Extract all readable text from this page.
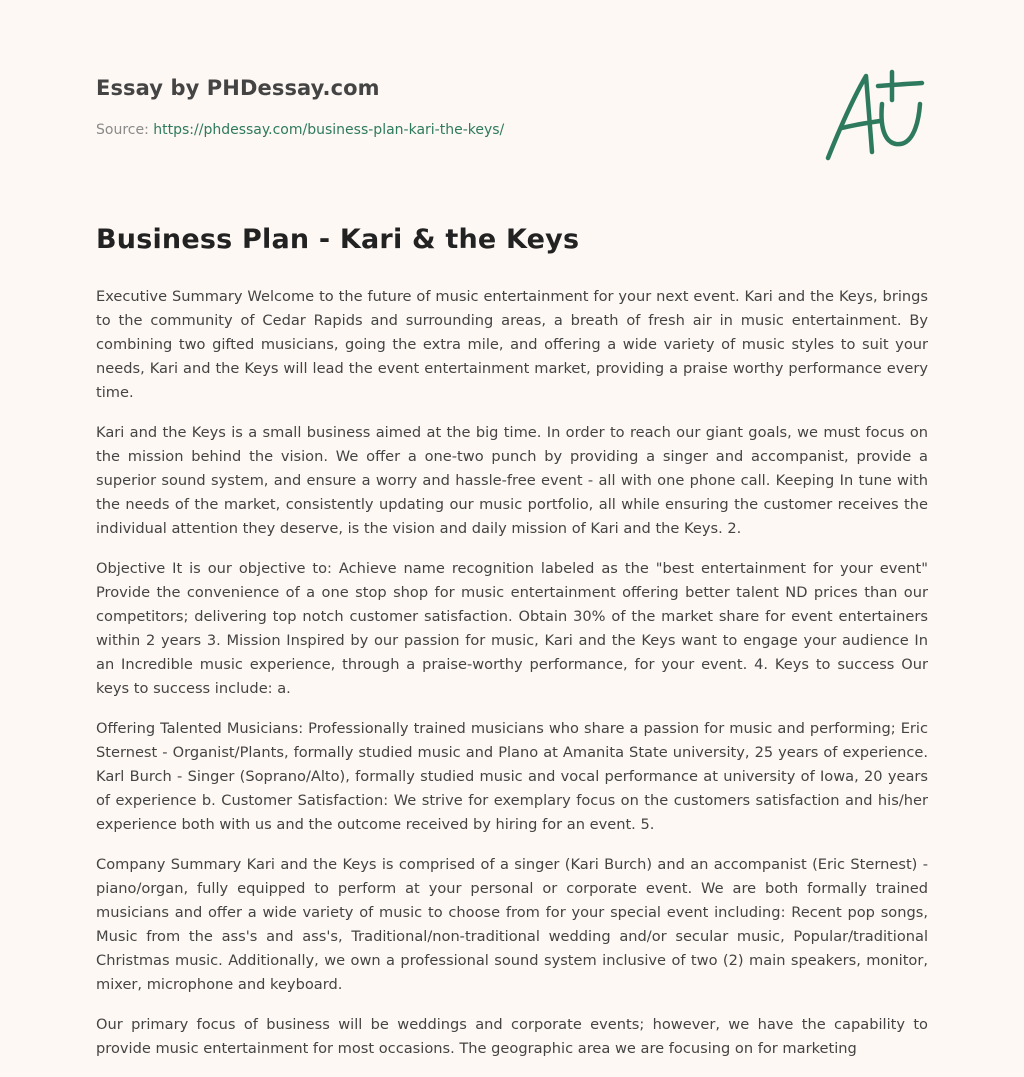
Essay by PHDessay.com
Source: https://phdessay.com/business-plan-kari-the-keys/
Business Plan - Kari & the Keys

Executive Summary Welcome to the future of music entertainment for your next event. Kari and the Keys, brings to the community of Cedar Rapids and surrounding areas, a breath of fresh air in music entertainment. By combining two gifted musicians, going the extra mile, and offering a wide variety of music styles to suit your needs, Kari and the Keys will lead the event entertainment market, providing a praise worthy performance every time.

Kari and the Keys is a small business aimed at the big time. In order to reach our giant goals, we must focus on the mission behind the vision. We offer a one-two punch by providing a singer and accompanist, provide a superior sound system, and ensure a worry and hassle-free event - all with one phone call. Keeping In tune with the needs of the market, consistently updating our music portfolio, all while ensuring the customer receives the individual attention they deserve, is the vision and daily mission of Kari and the Keys. 2.

Objective It is our objective to: Achieve name recognition labeled as the "best entertainment for your event" Provide the convenience of a one stop shop for music entertainment offering better talent ND prices than our competitors; delivering top notch customer satisfaction. Obtain 30% of the market share for event entertainers within 2 years 3. Mission Inspired by our passion for music, Kari and the Keys want to engage your audience In an Incredible music experience, through a praise-worthy performance, for your event. 4. Keys to success Our keys to success include: a.

Offering Talented Musicians: Professionally trained musicians who share a passion for music and performing; Eric Sternest - Organist/Plants, formally studied music and Plano at Amanita State university, 25 years of experience. Karl Burch - Singer (Soprano/Alto), formally studied music and vocal performance at university of Iowa, 20 years of experience b. Customer Satisfaction: We strive for exemplary focus on the customers satisfaction and his/her experience both with us and the outcome received by hiring for an event. 5.

Company Summary Kari and the Keys is comprised of a singer (Kari Burch) and an accompanist (Eric Sternest) - piano/organ, fully equipped to perform at your personal or corporate event. We are both formally trained musicians and offer a wide variety of music to choose from for your special event including: Recent pop songs, Music from the ass's and ass's, Traditional/non-traditional wedding and/or secular music, Popular/traditional Christmas music. Additionally, we own a professional sound system inclusive of two (2) main speakers, monitor, mixer, microphone and keyboard.

Our primary focus of business will be weddings and corporate events; however, we have the capability to provide music entertainment for most occasions. The geographic area we are focusing on for marketing
